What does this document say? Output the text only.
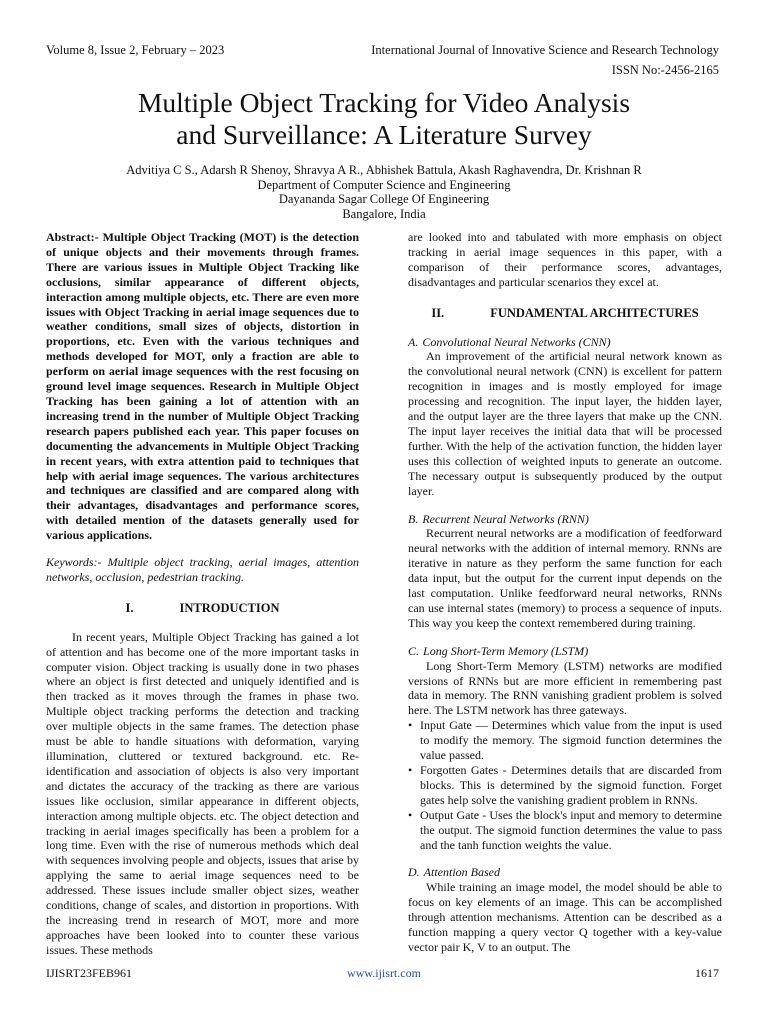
Volume 8, Issue 2, February – 2023	International Journal of Innovative Science and Research Technology
ISSN No:-2456-2165
Multiple Object Tracking for Video Analysis
and Surveillance: A Literature Survey
Advitiya C S., Adarsh R Shenoy, Shravya A R., Abhishek Battula, Akash Raghavendra, Dr. Krishnan R
Department of Computer Science and Engineering
Dayananda Sagar College Of Engineering
Bangalore, India

Abstract:- Multiple Object Tracking (MOT) is the detection of unique objects and their movements through frames. There are various issues in Multiple Object Tracking like occlusions, similar appearance of different objects, interaction among multiple objects, etc. There are even more issues with Object Tracking in aerial image sequences due to weather conditions, small sizes of objects, distortion in proportions, etc. Even with the various techniques and methods developed for MOT, only a fraction are able to perform on aerial image sequences with the rest focusing on ground level image sequences. Research in Multiple Object Tracking has been gaining a lot of attention with an increasing trend in the number of Multiple Object Tracking research papers published each year. This paper focuses on documenting the advancements in Multiple Object Tracking in recent years, with extra attention paid to techniques that help with aerial image sequences. The various architectures and techniques are classified and are compared along with their advantages, disadvantages and performance scores, with detailed mention of the datasets generally used for various applications.

Keywords:- Multiple object tracking, aerial images, attention networks, occlusion, pedestrian tracking.

I.	INTRODUCTION

In recent years, Multiple Object Tracking has gained a lot of attention and has become one of the more important tasks in computer vision. Object tracking is usually done in two phases where an object is first detected and uniquely identified and is then tracked as it moves through the frames in phase two. Multiple object tracking performs the detection and tracking over multiple objects in the same frames. The detection phase must be able to handle situations with deformation, varying illumination, cluttered or textured background. etc. Re-identification and association of objects is also very important and dictates the accuracy of the tracking as there are various issues like occlusion, similar appearance in different objects, interaction among multiple objects. etc. The object detection and tracking in aerial images specifically has been a problem for a long time. Even with the rise of numerous methods which deal with sequences involving people and objects, issues that arise by applying the same to aerial image sequences need to be addressed. These issues include smaller object sizes, weather conditions, change of scales, and distortion in proportions. With the increasing trend in research of MOT, more and more approaches have been looked into to counter these various issues. These methods

are looked into and tabulated with more emphasis on object tracking in aerial image sequences in this paper, with a comparison of their performance scores, advantages, disadvantages and particular scenarios they excel at.

II.	FUNDAMENTAL ARCHITECTURES
A. Convolutional Neural Networks (CNN)

An improvement of the artificial neural network known as the convolutional neural network (CNN) is excellent for pattern recognition in images and is mostly employed for image processing and recognition. The input layer, the hidden layer, and the output layer are the three layers that make up the CNN. The input layer receives the initial data that will be processed further. With the help of the activation function, the hidden layer uses this collection of weighted inputs to generate an outcome. The necessary output is subsequently produced by the output layer.

B. Recurrent Neural Networks (RNN)

Recurrent neural networks are a modification of feedforward neural networks with the addition of internal memory. RNNs are iterative in nature as they perform the same function for each data input, but the output for the current input depends on the last computation. Unlike feedforward neural networks, RNNs can use internal states (memory) to process a sequence of inputs. This way you keep the context remembered during training.

C. Long Short-Term Memory (LSTM)

Long Short-Term Memory (LSTM) networks are modified versions of RNNs but are more efficient in remembering past data in memory. The RNN vanishing gradient problem is solved here. The LSTM network has three gateways.

• Input Gate — Determines which value from the input is used to modify the memory. The sigmoid function determines the value passed.
• Forgotten Gates - Determines details that are discarded from blocks. This is determined by the sigmoid function. Forget gates help solve the vanishing gradient problem in RNNs.
• Output Gate - Uses the block's input and memory to determine the output. The sigmoid function determines the value to pass and the tanh function weights the value.
D. Attention Based

While training an image model, the model should be able to focus on key elements of an image. This can be accomplished through attention mechanisms. Attention can be described as a function mapping a query vector Q together with a key-value vector pair K, V to an output. The

IJISRT23FEB961	www.ijisrt.com	1617
